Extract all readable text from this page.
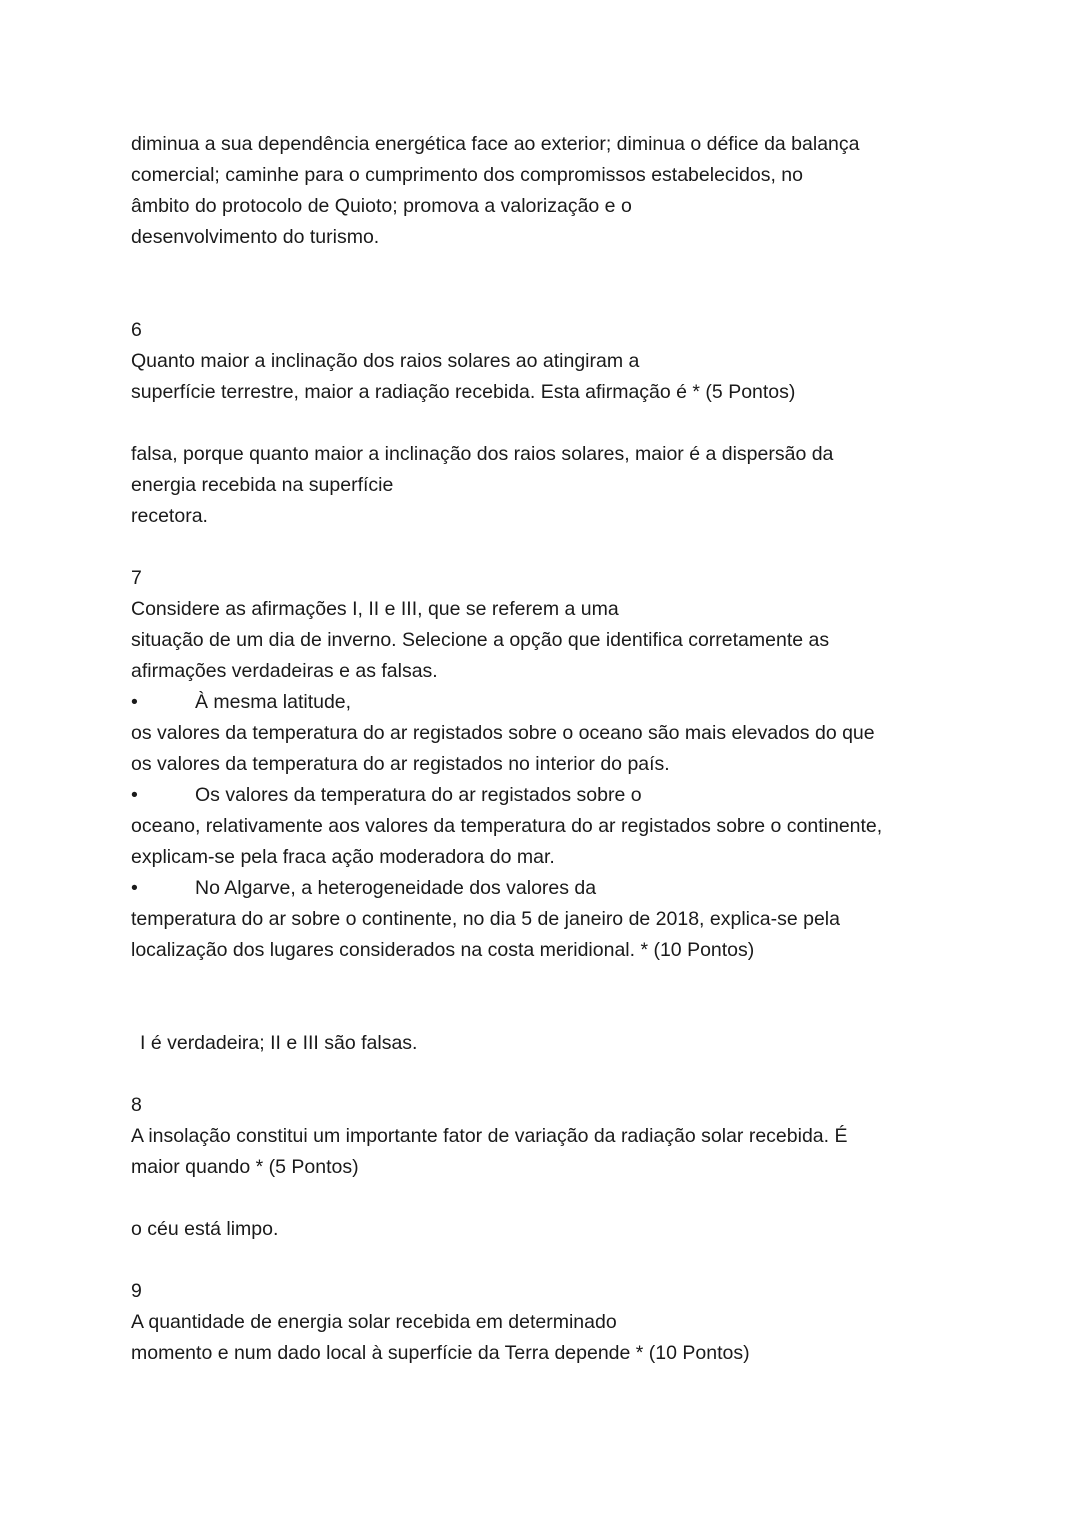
diminua a sua dependência energética face ao exterior; diminua o défice da balança
comercial; caminhe para o cumprimento dos compromissos estabelecidos, no
âmbito do protocolo de Quioto; promova a valorização e o
desenvolvimento do turismo.
6
Quanto maior a inclinação dos raios solares ao atingiram a
superfície terrestre, maior a radiação recebida. Esta afirmação é * (5 Pontos)
falsa, porque quanto maior a inclinação dos raios solares, maior é a dispersão da
energia recebida na superfície
recetora.
7
Considere as afirmações I, II e III, que se referem a uma
situação de um dia de inverno. Selecione a opção que identifica corretamente as
afirmações verdadeiras e as falsas.
•	À mesma latitude,
os valores da temperatura do ar registados sobre o oceano são mais elevados do que
os valores da temperatura do ar registados no interior do país.
•	Os valores da temperatura do ar registados sobre o
oceano, relativamente aos valores da temperatura do ar registados sobre o continente,
explicam-se pela fraca ação moderadora do mar.
•	No Algarve, a heterogeneidade dos valores da
temperatura do ar sobre o continente, no dia 5 de janeiro de 2018, explica-se pela
localização dos lugares considerados na costa meridional. * (10 Pontos)
I é verdadeira; II e III são falsas.
8
A insolação constitui um importante fator de variação da radiação solar recebida. É
maior quando * (5 Pontos)
o céu está limpo.
9
A quantidade de energia solar recebida em determinado
momento e num dado local à superfície da Terra depende * (10 Pontos)
